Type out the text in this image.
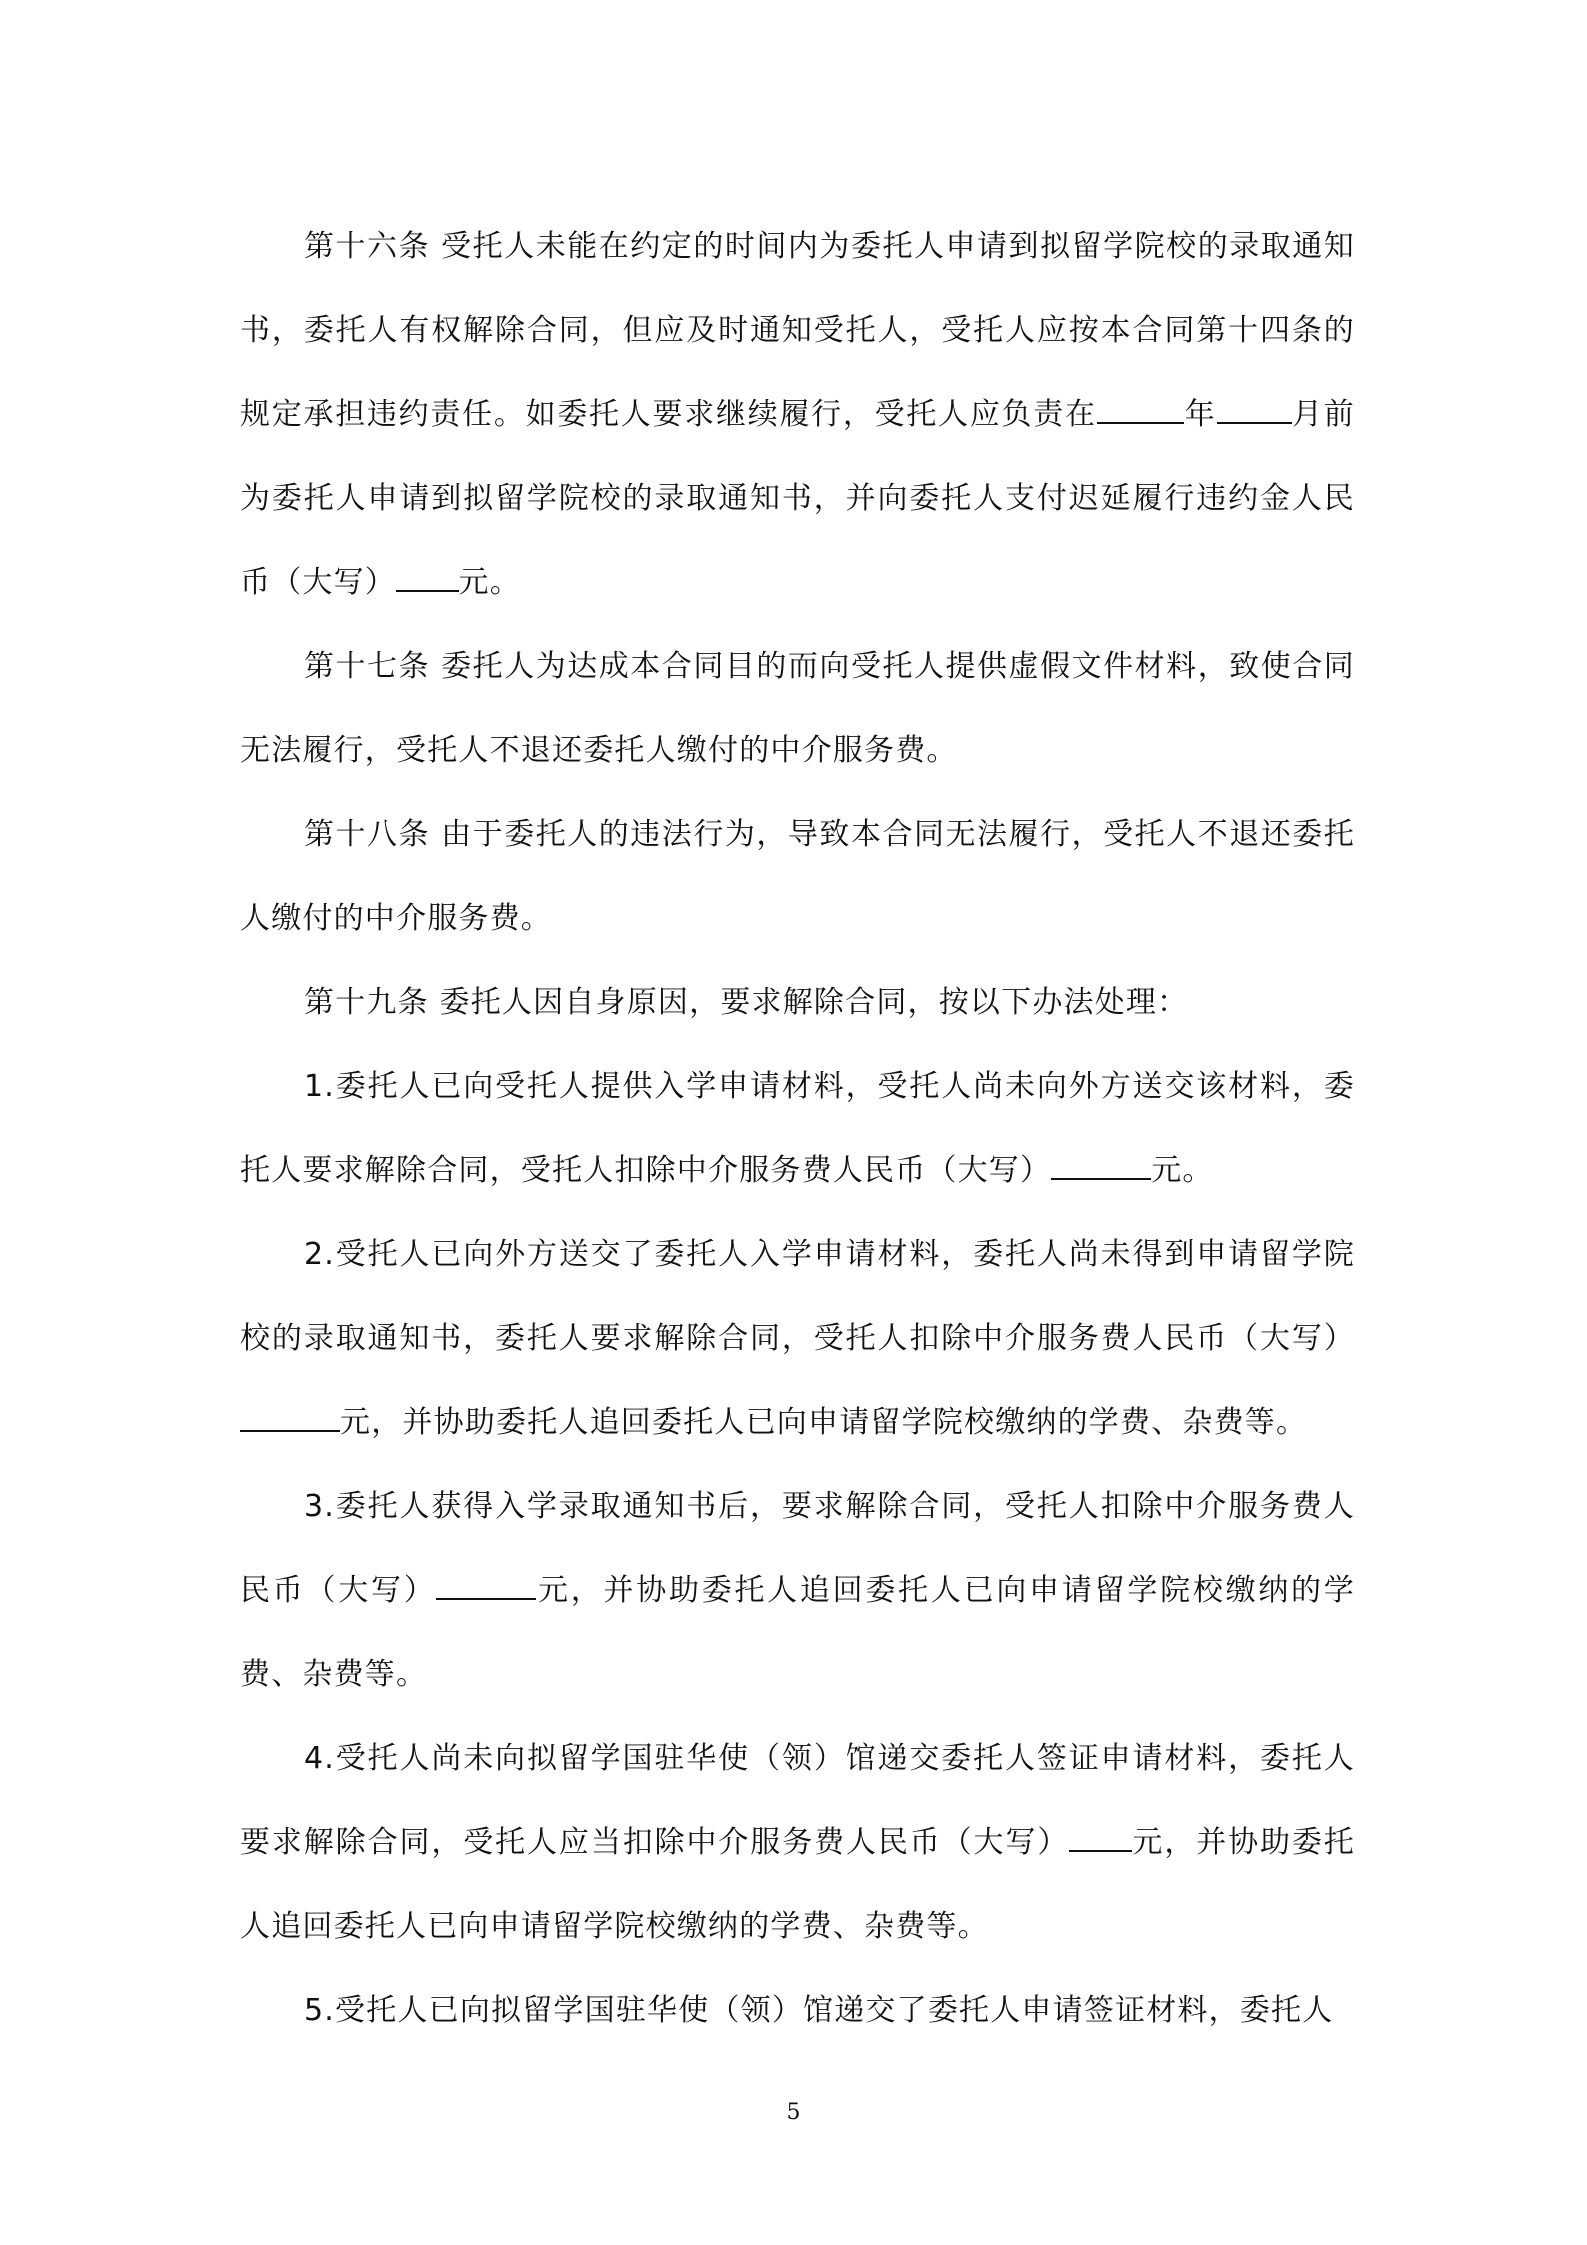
第十六条 受托人未能在约定的时间内为委托人申请到拟留学院校的录取通知书，委托人有权解除合同，但应及时通知受托人，受托人应按本合同第十四条的规定承担违约责任。如委托人要求继续履行，受托人应负责在	年	月前为委托人申请到拟留学院校的录取通知书，并向委托人支付迟延履行违约金人民币（大写） 元。

第十七条 委托人为达成本合同目的而向受托人提供虚假文件材料，致使合同无法履行，受托人不退还委托人缴付的中介服务费。

第十八条 由于委托人的违法行为，导致本合同无法履行，受托人不退还委托人缴付的中介服务费。

第十九条 委托人因自身原因，要求解除合同，按以下办法处理：

1.委托人已向受托人提供入学申请材料，受托人尚未向外方送交该材料，委托人要求解除合同，受托人扣除中介服务费人民币（大写）	元。

2.受托人已向外方送交了委托人入学申请材料，委托人尚未得到申请留学院校的录取通知书，委托人要求解除合同，受托人扣除中介服务费人民币（大写）元，并协助委托人追回委托人已向申请留学院校缴纳的学费、杂费等。

3.委托人获得入学录取通知书后，要求解除合同，受托人扣除中介服务费人民币（大写）	元，并协助委托人追回委托人已向申请留学院校缴纳的学费、杂费等。

4.受托人尚未向拟留学国驻华使（领）馆递交委托人签证申请材料，委托人要求解除合同，受托人应当扣除中介服务费人民币（大写） 元，并协助委托人追回委托人已向申请留学院校缴纳的学费、杂费等。

5.受托人已向拟留学国驻华使（领）馆递交了委托人申请签证材料，委托人

5
